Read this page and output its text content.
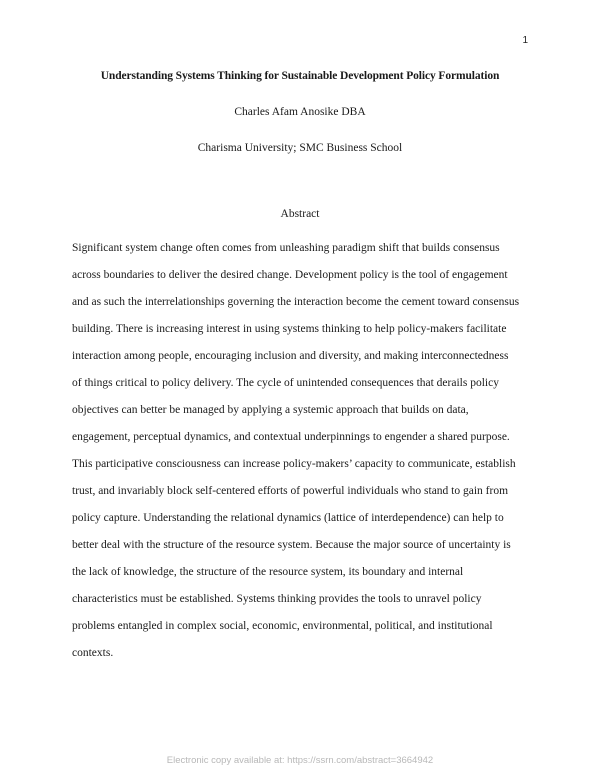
1
Understanding Systems Thinking for Sustainable Development Policy Formulation
Charles Afam Anosike DBA
Charisma University; SMC Business School
Abstract
Significant system change often comes from unleashing paradigm shift that builds consensus
across boundaries to deliver the desired change. Development policy is the tool of engagement
and as such the interrelationships governing the interaction become the cement toward consensus
building. There is increasing interest in using systems thinking to help policy-makers facilitate
interaction among people, encouraging inclusion and diversity, and making interconnectedness
of things critical to policy delivery. The cycle of unintended consequences that derails policy
objectives can better be managed by applying a systemic approach that builds on data,
engagement, perceptual dynamics, and contextual underpinnings to engender a shared purpose.
This participative consciousness can increase policy-makers’ capacity to communicate, establish
trust, and invariably block self-centered efforts of powerful individuals who stand to gain from
policy capture. Understanding the relational dynamics (lattice of interdependence) can help to
better deal with the structure of the resource system. Because the major source of uncertainty is
the lack of knowledge, the structure of the resource system, its boundary and internal
characteristics must be established. Systems thinking provides the tools to unravel policy
problems entangled in complex social, economic, environmental, political, and institutional
contexts.
Electronic copy available at: https://ssrn.com/abstract=3664942
